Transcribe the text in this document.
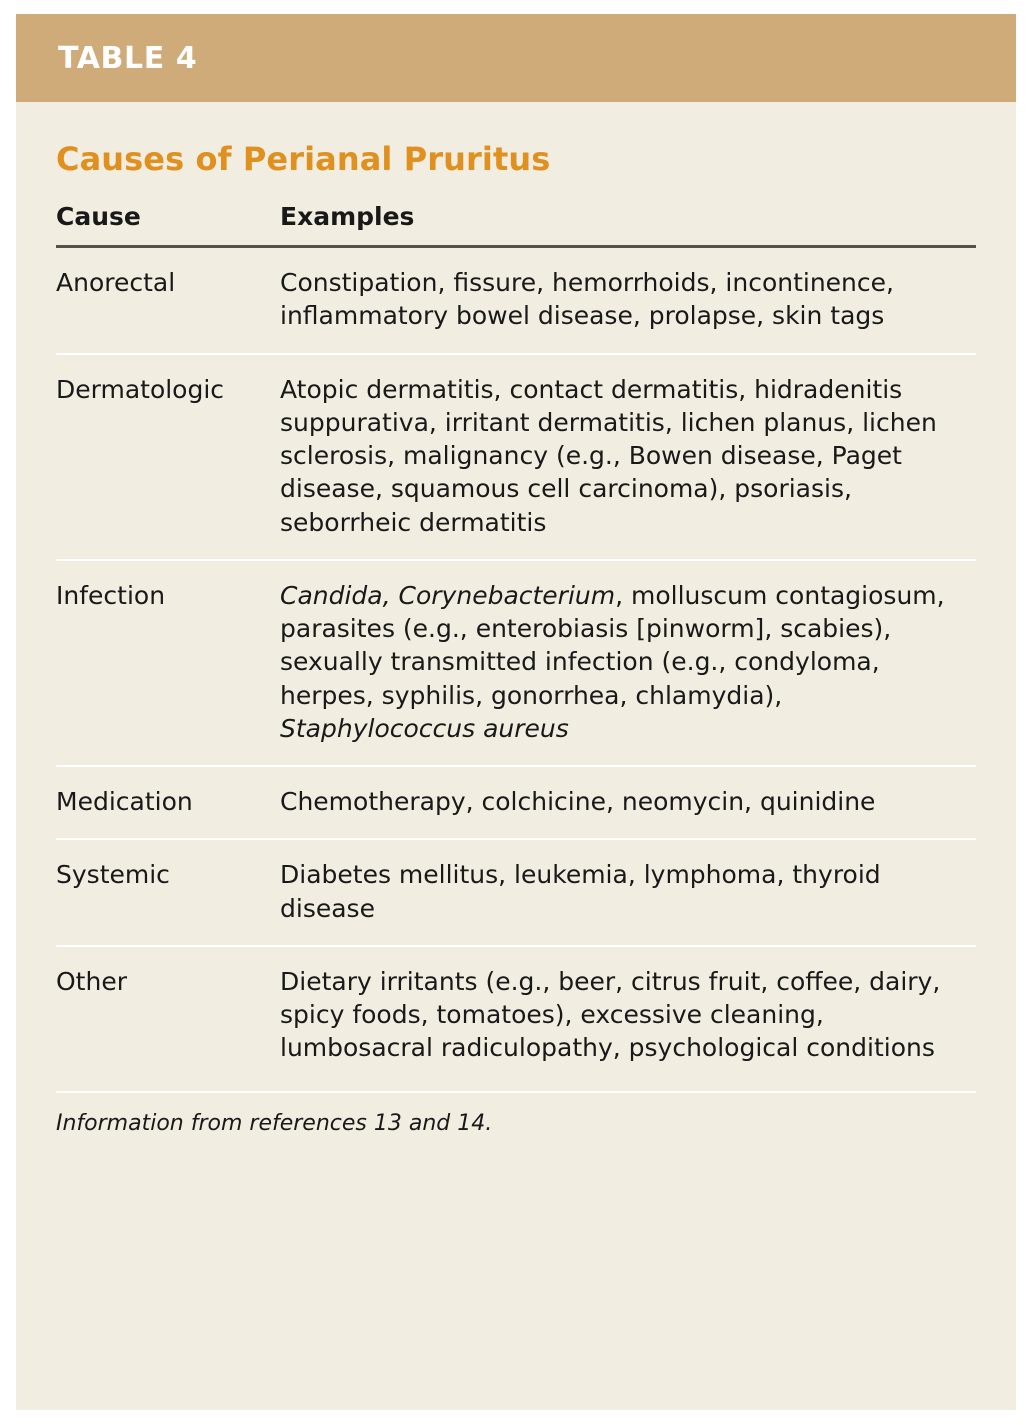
TABLE 4
Causes of Perianal Pruritus
Cause	Examples
Anorectal	Constipation, fissure, hemorrhoids, incontinence, inflammatory bowel disease, prolapse, skin tags
Dermatologic	Atopic dermatitis, contact dermatitis, hidradenitis suppurativa, irritant dermatitis, lichen planus, lichen sclerosis, malignancy (e.g., Bowen disease, Paget disease, squamous cell carcinoma), psoriasis, seborrheic dermatitis
Infection	Candida, Corynebacterium, molluscum contagiosum, parasites (e.g., enterobiasis [pinworm], scabies), sexually transmitted infection (e.g., condyloma, herpes, syphilis, gonorrhea, chlamydia), Staphylococcus aureus
Medication	Chemotherapy, colchicine, neomycin, quinidine
Systemic	Diabetes mellitus, leukemia, lymphoma, thyroid disease
Other	Dietary irritants (e.g., beer, citrus fruit, coffee, dairy, spicy foods, tomatoes), excessive cleaning, lumbosacral radiculopathy, psychological conditions
Information from references 13 and 14.
